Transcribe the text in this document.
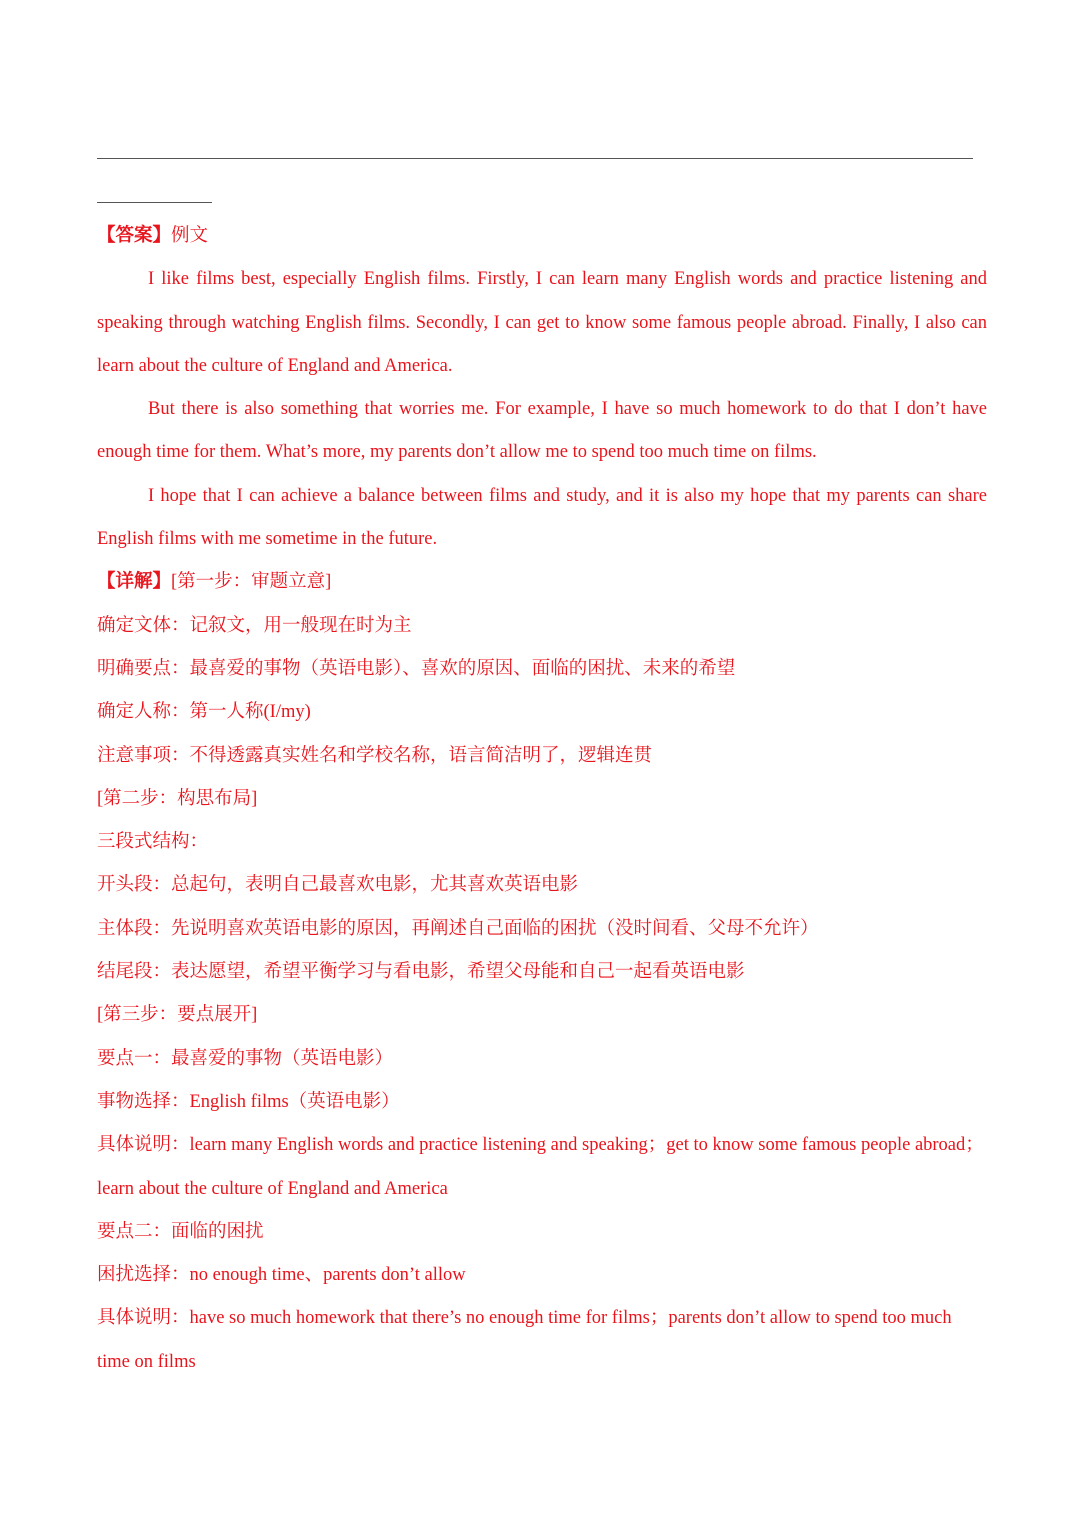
【答案】例文

I like films best, especially English films. Firstly, I can learn many English words and practice listening and speaking through watching English films. Secondly, I can get to know some famous people abroad. Finally, I also can learn about the culture of England and America.

But there is also something that worries me. For example, I have so much homework to do that I don’t have enough time for them. What’s more, my parents don’t allow me to spend too much time on films.

I hope that I can achieve a balance between films and study, and it is also my hope that my parents can share English films with me sometime in the future.

【详解】[第一步：审题立意]
确定文体：记叙文，用一般现在时为主
明确要点：最喜爱的事物（英语电影）、喜欢的原因、面临的困扰、未来的希望
确定人称：第一人称(I/my)
注意事项：不得透露真实姓名和学校名称，语言简洁明了，逻辑连贯
[第二步：构思布局]
三段式结构：
开头段：总起句，表明自己最喜欢电影，尤其喜欢英语电影
主体段：先说明喜欢英语电影的原因，再阐述自己面临的困扰（没时间看、父母不允许）
结尾段：表达愿望，希望平衡学习与看电影，希望父母能和自己一起看英语电影
[第三步：要点展开]
要点一：最喜爱的事物（英语电影）
事物选择：English films（英语电影）
具体说明：learn many English words and practice listening and speaking；get to know some famous people abroad；
learn about the culture of England and America
要点二：面临的困扰
困扰选择：no enough time、parents don’t allow
具体说明：have so much homework that there’s no enough time for films；parents don’t allow to spend too much
time on films
